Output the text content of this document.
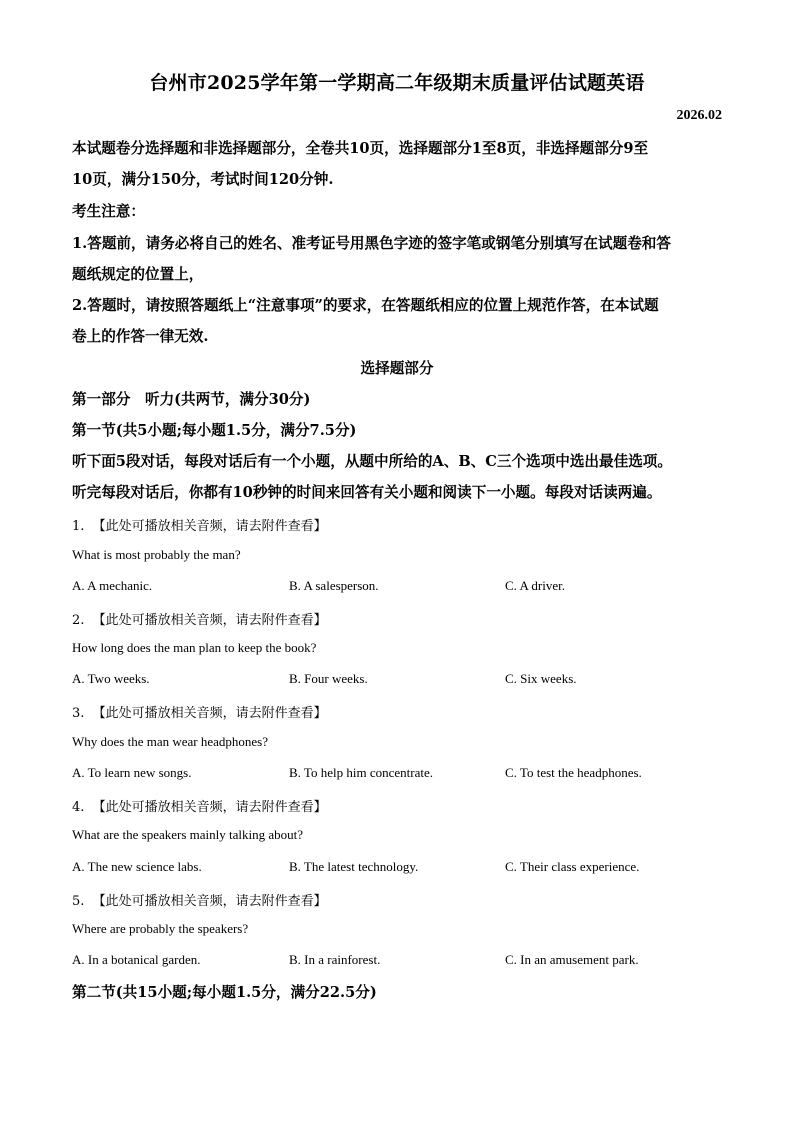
台州市2025学年第一学期高二年级期末质量评估试题英语
2026.02
本试题卷分选择题和非选择题部分，全卷共10页，选择题部分1至8页，非选择题部分9至
10页，满分150分，考试时间120分钟.
考生注意：
1.答题前，请务必将自己的姓名、准考证号用黑色字迹的签字笔或钢笔分别填写在试题卷和答
题纸规定的位置上，
2.答题时，请按照答题纸上“注意事项”的要求，在答题纸相应的位置上规范作答，在本试题
卷上的作答一律无效.
选择题部分
第一部分　听力(共两节，满分30分)
第一节(共5小题;每小题1.5分，满分7.5分)
听下面5段对话，每段对话后有一个小题，从题中所给的A、B、C三个选项中选出最佳选项。
听完每段对话后，你都有10秒钟的时间来回答有关小题和阅读下一小题。每段对话读两遍。
1. 【此处可播放相关音频，请去附件查看】
What is most probably the man?
A. A mechanic.	B. A salesperson.	C. A driver.
2. 【此处可播放相关音频，请去附件查看】
How long does the man plan to keep the book?
A. Two weeks.	B. Four weeks.	C. Six weeks.
3. 【此处可播放相关音频，请去附件查看】
Why does the man wear headphones?
A. To learn new songs.	B. To help him concentrate.	C. To test the headphones.
4. 【此处可播放相关音频，请去附件查看】
What are the speakers mainly talking about?
A. The new science labs.	B. The latest technology.	C. Their class experience.
5. 【此处可播放相关音频，请去附件查看】
Where are probably the speakers?
A. In a botanical garden.	B. In a rainforest.	C. In an amusement park.
第二节(共15小题;每小题1.5分，满分22.5分)
